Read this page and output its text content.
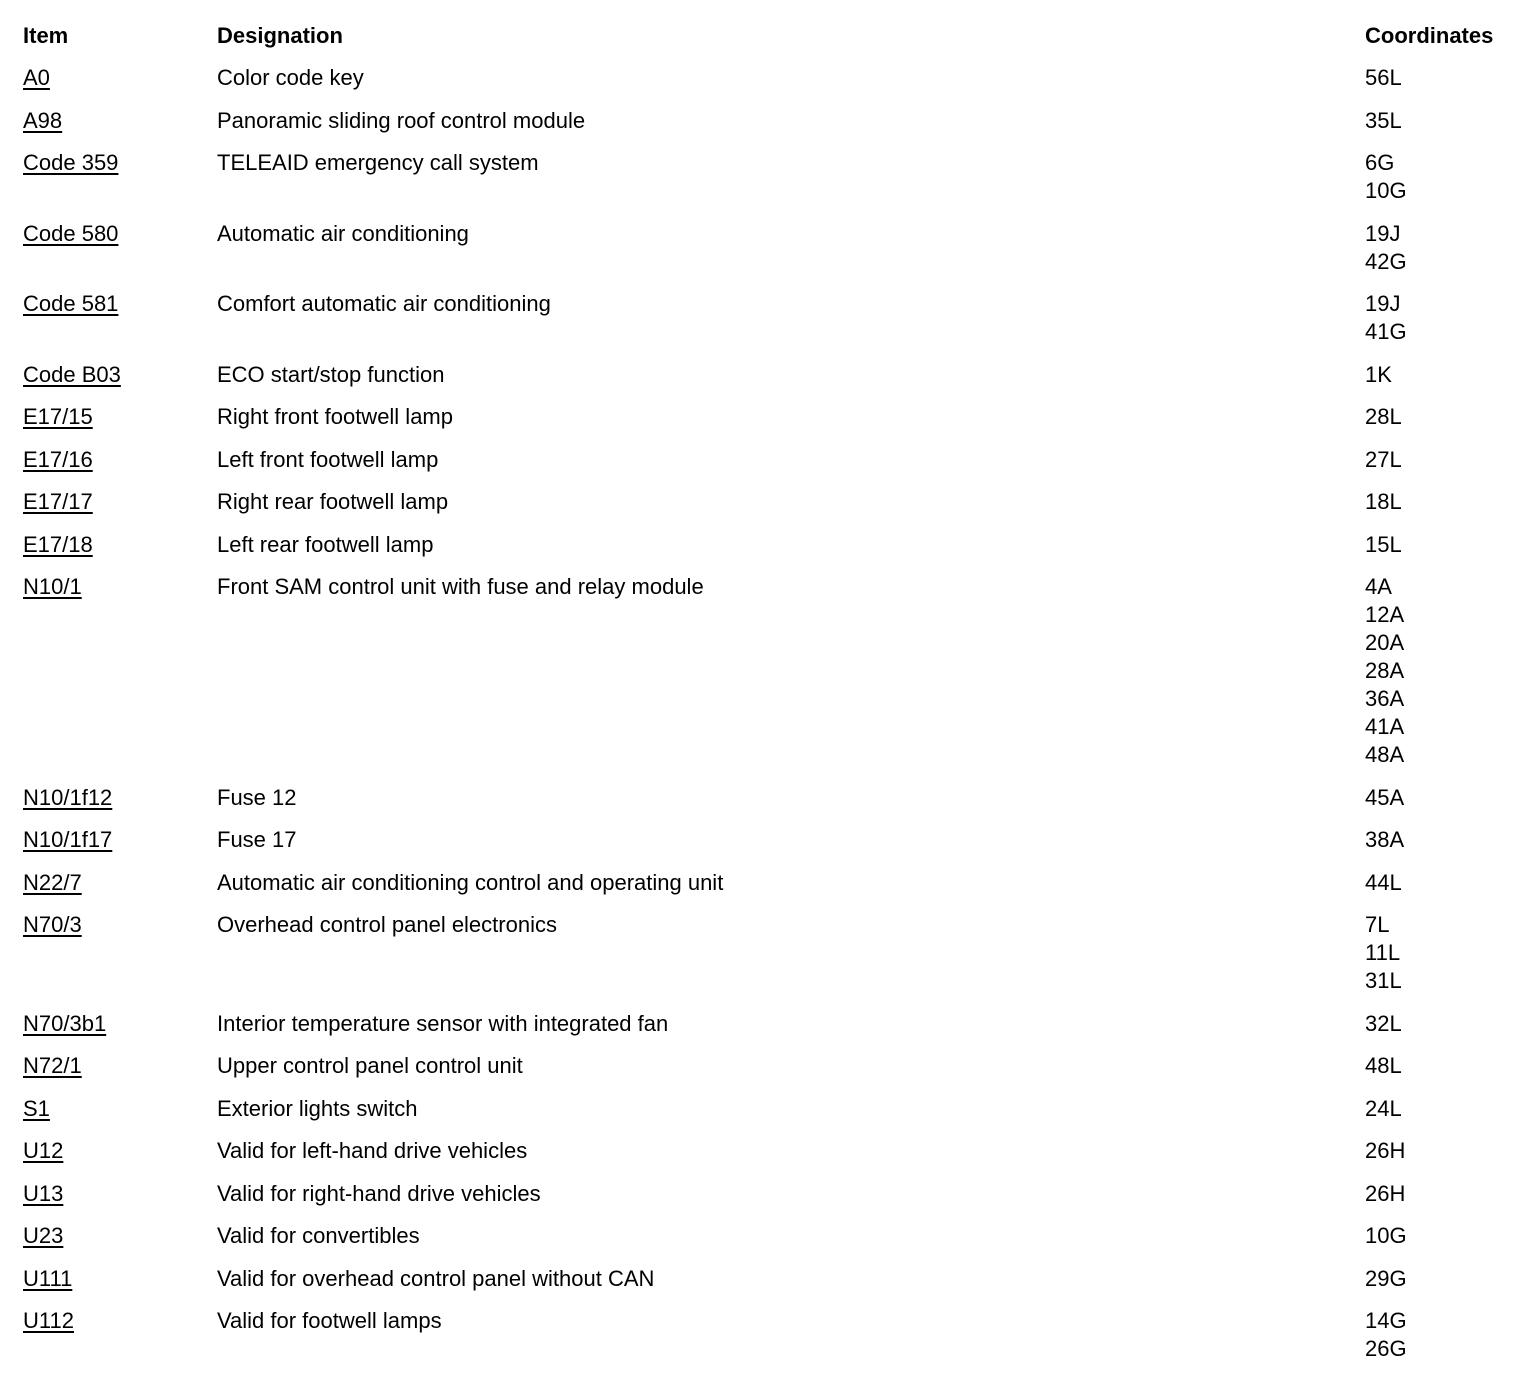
Item	Designation	Coordinates
A0	Color code key	56L
A98	Panoramic sliding roof control module	35L
Code 359	TELEAID emergency call system	6G
10G
Code 580	Automatic air conditioning	19J
42G
Code 581	Comfort automatic air conditioning	19J
41G
Code B03	ECO start/stop function	1K
E17/15	Right front footwell lamp	28L
E17/16	Left front footwell lamp	27L
E17/17	Right rear footwell lamp	18L
E17/18	Left rear footwell lamp	15L
N10/1	Front SAM control unit with fuse and relay module	4A
12A
20A
28A
36A
41A
48A
N10/1f12	Fuse 12	45A
N10/1f17	Fuse 17	38A
N22/7	Automatic air conditioning control and operating unit	44L
N70/3	Overhead control panel electronics	7L
11L
31L
N70/3b1	Interior temperature sensor with integrated fan	32L
N72/1	Upper control panel control unit	48L
S1	Exterior lights switch	24L
U12	Valid for left-hand drive vehicles	26H
U13	Valid for right-hand drive vehicles	26H
U23	Valid for convertibles	10G
U111	Valid for overhead control panel without CAN	29G
U112	Valid for footwell lamps	14G
26G
